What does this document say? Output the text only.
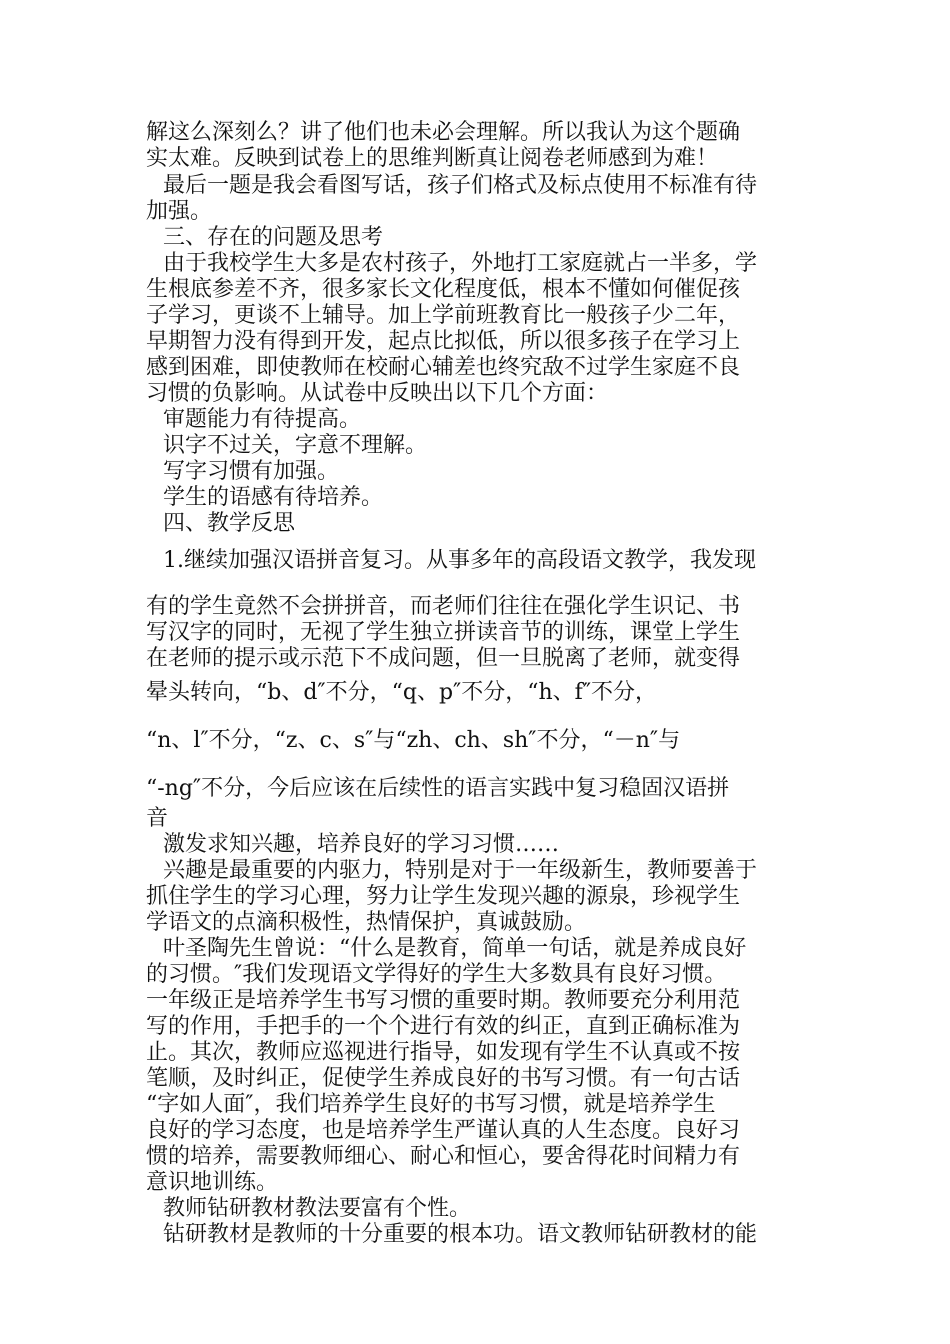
解这么深刻么？讲了他们也未必会理解。所以我认为这个题确
实太难。反映到试卷上的思维判断真让阅卷老师感到为难！
最后一题是我会看图写话，孩子们格式及标点使用不标准有待
加强。
三、存在的问题及思考
由于我校学生大多是农村孩子，外地打工家庭就占一半多，学
生根底参差不齐，很多家长文化程度低，根本不懂如何催促孩
子学习，更谈不上辅导。加上学前班教育比一般孩子少二年，
早期智力没有得到开发，起点比拟低，所以很多孩子在学习上
感到困难，即使教师在校耐心辅差也终究敌不过学生家庭不良
习惯的负影响。从试卷中反映出以下几个方面：
审题能力有待提高。
识字不过关，字意不理解。
写字习惯有加强。
学生的语感有待培养。
四、教学反思
1.继续加强汉语拼音复习。从事多年的高段语文教学，我发现
有的学生竟然不会拼拼音，而老师们往往在强化学生识记、书
写汉字的同时，无视了学生独立拼读音节的训练，课堂上学生
在老师的提示或示范下不成问题，但一旦脱离了老师，就变得
晕头转向，“b、d″不分，“q、p″不分，“h、f″不分，
“n、l″不分，“z、c、s″与“zh、ch、sh″不分，“－n″与
“-ng″不分，今后应该在后续性的语言实践中复习稳固汉语拼
音
激发求知兴趣，培养良好的学习习惯……
兴趣是最重要的内驱力，特别是对于一年级新生，教师要善于
抓住学生的学习心理，努力让学生发现兴趣的源泉，珍视学生
学语文的点滴积极性，热情保护，真诚鼓励。
叶圣陶先生曾说：“什么是教育，简单一句话，就是养成良好
的习惯。″我们发现语文学得好的学生大多数具有良好习惯。
一年级正是培养学生书写习惯的重要时期。教师要充分利用范
写的作用，手把手的一个个进行有效的纠正，直到正确标准为
止。其次，教师应巡视进行指导，如发现有学生不认真或不按
笔顺，及时纠正，促使学生养成良好的书写习惯。有一句古话
“字如人面″，我们培养学生良好的书写习惯，就是培养学生
良好的学习态度，也是培养学生严谨认真的人生态度。良好习
惯的培养，需要教师细心、耐心和恒心，要舍得花时间精力有
意识地训练。
教师钻研教材教法要富有个性。
钻研教材是教师的十分重要的根本功。语文教师钻研教材的能
